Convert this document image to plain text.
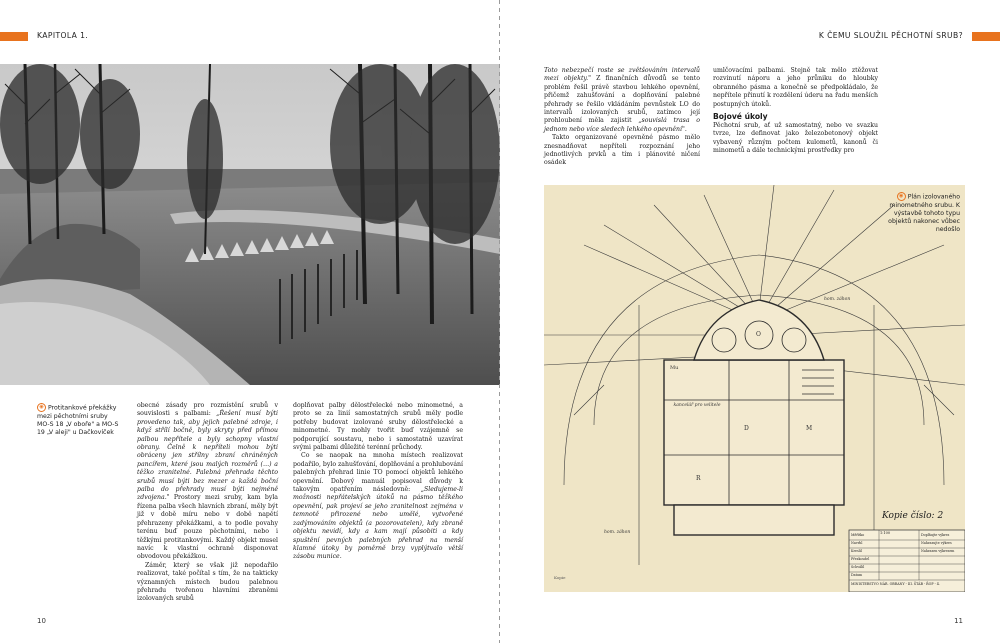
KAPITOLA 1.
◉ Protitankové překážky mezi pěchotními sruby MO-S 18 „V oboře" a MO-S 19 „V aleji" u Dačkovíček

obecné zásady pro rozmístění srubů v souvislosti s palbami: „Řešení musí býti provedeno tak, aby jejich palebné zdroje, i když střílí bočně, byly skryty před přímou palbou nepřítele a byly schopny vlastní obrany. Čelně k nepříteli mohou býti obráceny jen střílny zbraní chráněných pancířem, které jsou malých rozměrů (…) a těžko zranitelné. Palebná přehrada těchto srubů musí býti bez mezer a každá boční palba do přehrady musí býti nejméně zdvojena." Prostory mezi sruby, kam byla řízena palba všech hlavních zbraní, měly být již v době míru nebo v době napětí přehrazeny překážkami, a to podle povahy terénu buď pouze pěchotními, nebo i těžkými protitankovými. Každý objekt musel navíc k vlastní ochraně disponovat obvodovou překážkou.

Záměr, který se však již nepodařilo realizovat, také počítal s tím, že na takticky významných místech budou palebnou přehradu tvořenou hlavními zbraněmi izolovaných srubů

doplňovat palby dělostřelecké nebo minometné, a proto se za linií samostatných srubů měly podle potřeby budovat izolované sruby dělostřelecké a minometné. Ty mohly tvořit buď vzájemně se podporující soustavu, nebo i samostatně uzavírat svými palbami důležité terénní průchody.

Co se naopak na mnoha místech realizovat podařilo, bylo zahušťování, doplňování a prohlubování palebných přehrad linie TO pomocí objektů lehkého opevnění. Dobový manuál popisoval důvody k takovým opatřením následovně: „Sledujeme-li možnosti nepřátelských útoků na pásmo těžkého opevnění, pak projeví se jeho zranitelnost zejména v temnotě přirozené nebo umělé, vytvořené zadýmováním objektů (a pozorovatelen), kdy zbraně objektu nevidí, kdy a kam mají působiti a kdy spuštění pevných palebných přehrad na menší klamné útoky by poměrně brzy vyplýtvalo větší zásobu munice.

10
K ČEMU SLOUŽIL PĚCHOTNÍ SRUB?

Toto nebezpečí roste se zvětšováním intervalů mezi objekty." Z finančních důvodů se tento problém řešil právě stavbou lehkého opevnění, přičemž zahušťování a doplňování palebné přehrady se řešilo vkládáním pevnůstek LO do intervalů izolovaných srubů, zatímco její prohloubení měla zajistit „souvislá trasa o jednom nebo více sledech lehkého opevnění".

Takto organizované opevněné pásmo mělo znesnadňovat nepříteli rozpoznání jeho jednotlivých prvků a tím i plánovité ničení osádek

umlčovacími palbami. Stejně tak mělo ztěžovat rozvinutí náporu a jeho průniku do hloubky obranného pásma a konečně se předpokládalo, že nepřítele přinutí k rozdělení úderu na řadu menších postupných útoků.

Bojové úkoly

Pěchotní srub, ať už samostatný, nebo ve svazku tvrze, lze definovat jako železobetonový objekt vybavený různým počtem kulometů, kanonů či minometů a dále technickými prostředky pro

Kopie číslo: 2
1:100
Měřítko
Navrhl
Kreslil
Přezkoušel
Schválil
Datum
Doplňujte výkres
Nahrazujte výkres
Nahrazen výkresem
MINISTERSTVO NÁR. OBRANY - III. ŠTÁB - ŘOP - 4.
kancelář pro velitele
hom. záhon
hom. záhon
D
O
R
M
Mu
Kopie
◉ Plán izolovaného minometného srubu. K výstavbě tohoto typu objektů nakonec vůbec nedošlo
11
